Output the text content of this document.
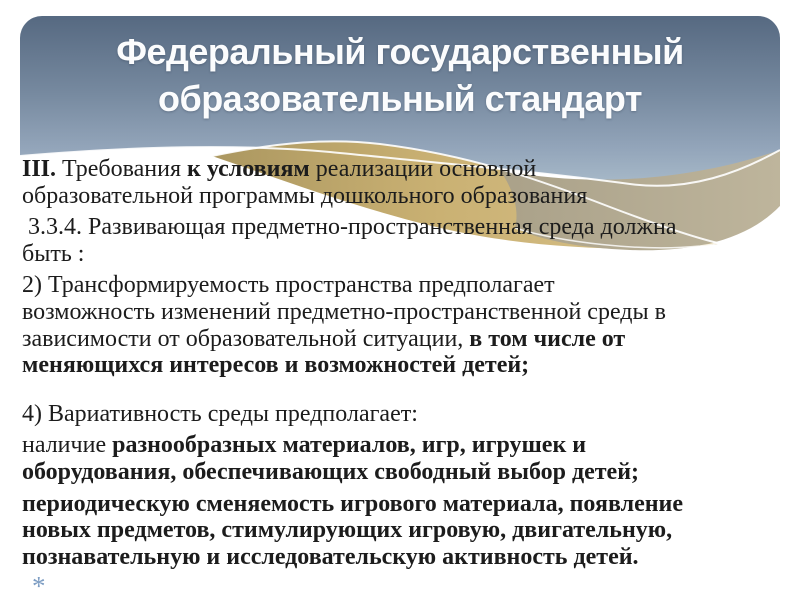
Федеральный государственный
образовательный стандарт

III. Требования к условиям реализации основной
образовательной программы дошкольного образования

3.3.4. Развивающая предметно-пространственная среда должна
быть :

2) Трансформируемость пространства предполагает
возможность изменений предметно-пространственной среды в
зависимости от образовательной ситуации, в том числе от
меняющихся интересов и возможностей детей;

4) Вариативность среды предполагает:

наличие разнообразных материалов, игр, игрушек и
оборудования, обеспечивающих свободный выбор детей;

периодическую сменяемость игрового материала, появление
новых предметов, стимулирующих игровую, двигательную,
познавательную и исследовательскую активность детей.

*
